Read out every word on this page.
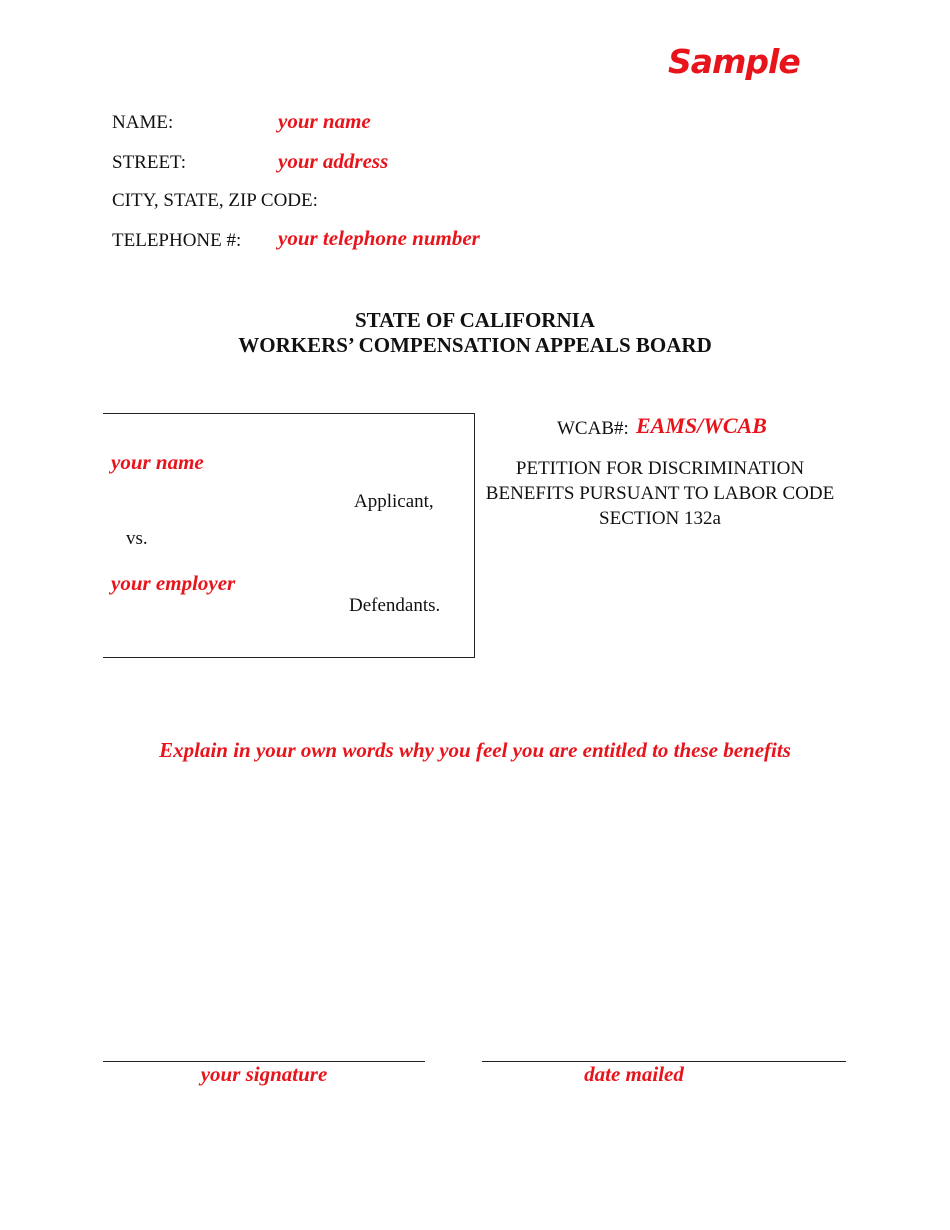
Sample
NAME:	your name
STREET:	your address
CITY, STATE, ZIP CODE:
TELEPHONE #: your telephone number
STATE OF CALIFORNIA
WORKERS’ COMPENSATION APPEALS BOARD
your name
Applicant,
vs.
your employer
Defendants.
WCAB#: EAMS/WCAB
PETITION FOR DISCRIMINATION
BENEFITS PURSUANT TO LABOR CODE
SECTION 132a
Explain in your own words why you feel you are entitled to these benefits
your signature	date mailed
